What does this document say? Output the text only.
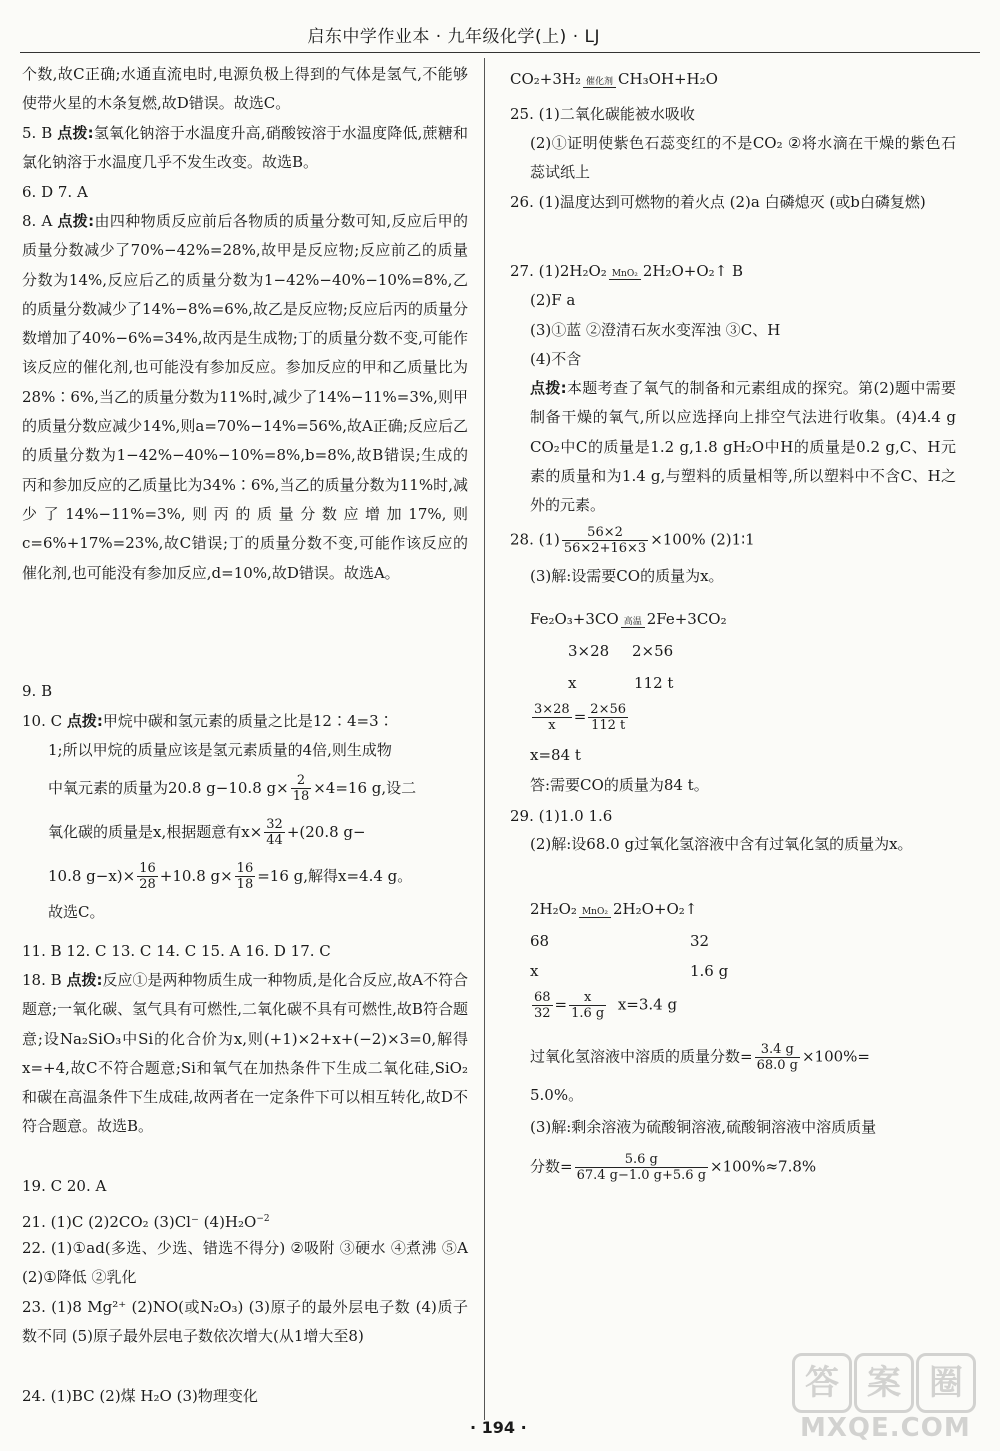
启东中学作业本 · 九年级化学(上) · LJ

个数,故C正确;水通直流电时,电源负极上得到的气体是氢气,不能够使带火星的木条复燃,故D错误。故选C。

5. B 点拨:氢氧化钠溶于水温度升高,硝酸铵溶于水温度降低,蔗糖和氯化钠溶于水温度几乎不发生改变。故选B。

6. D 7. A

8. A 点拨:由四种物质反应前后各物质的质量分数可知,反应后甲的质量分数减少了70%−42%=28%,故甲是反应物;反应前乙的质量分数为14%,反应后乙的质量分数为1−42%−40%−10%=8%,乙的质量分数减少了14%−8%=6%,故乙是反应物;反应后丙的质量分数增加了40%−6%=34%,故丙是生成物;丁的质量分数不变,可能作该反应的催化剂,也可能没有参加反应。参加反应的甲和乙质量比为28%∶6%,当乙的质量分数为11%时,减少了14%−11%=3%,则甲的质量分数应减少14%,则a=70%−14%=56%,故A正确;反应后乙的质量分数为1−42%−40%−10%=8%,b=8%,故B错误;生成的丙和参加反应的乙质量比为34%∶6%,当乙的质量分数为11%时,减少了14%−11%=3%,则丙的质量分数应增加17%,则c=6%+17%=23%,故C错误;丁的质量分数不变,可能作该反应的催化剂,也可能没有参加反应,d=10%,故D错误。故选A。

9. B

10. C 点拨:甲烷中碳和氢元素的质量之比是12∶4=3∶
1;所以甲烷的质量应该是氢元素质量的4倍,则生成物
中氧元素的质量为20.8 g−10.8 $g\times \frac{2}{18} \times 4=16$ g,设二
氧化碳的质量是x,根据题意有$x\times \frac{32}{44} +(20.8$ g−
10.8 $g-x)\times \frac{16}{28} +10.8$ $g\times \frac{16}{18} =16$ g,解得x=4.4 g。
故选C。

11. B 12. C 13. C 14. C 15. A 16. D 17. C

18. B 点拨:反应①是两种物质生成一种物质,是化合反应,故A不符合题意;一氧化碳、氢气具有可燃性,二氧化碳不具有可燃性,故B符合题意;设Na₂SiO₃中Si的化合价为x,则(+1)×2+x+(−2)×3=0,解得x=+4,故C不符合题意;Si和氧气在加热条件下生成二氧化硅,SiO₂和碳在高温条件下生成硅,故两者在一定条件下可以相互转化,故D不符合题意。故选B。

19. C 20. A

21. (1)C (2)2CO₂ (3)Cl⁻ $(4)H_2O^{-2}$

22. (1)①ad(多选、少选、错选不得分) ②吸附 ③硬水 ④煮沸 ⑤A (2)①降低 ②乳化

23. (1)8 Mg²⁺ (2)NO(或N₂O₃) (3)原子的最外层电子数 (4)质子数不同 (5)原子最外层电子数依次增大(从1增大至8)

24. (1)BC (2)煤 H₂O (3)物理变化

CO₂+3H₂ 催化剂 CH₃OH+H₂O

25. (1)二氧化碳能被水吸收

(2)①证明使紫色石蕊变红的不是CO₂ ②将水滴在干燥的紫色石蕊试纸上

26. (1)温度达到可燃物的着火点 (2)a 白磷熄灭 (或b白磷复燃)

27. (1)2H₂O₂ MnO₂ 2H₂O+O₂↑ B

(2)F a

(3)①蓝 ②澄清石灰水变浑浊 ③C、H

(4)不含

点拨:本题考查了氧气的制备和元素组成的探究。第(2)题中需要制备干燥的氧气,所以应选择向上排空气法进行收集。(4)4.4 g CO₂中C的质量是1.2 g,1.8 gH₂O中H的质量是0.2 g,C、H元素的质量和为1.4 g,与塑料的质量相等,所以塑料中不含C、H之外的元素。

28. $(1) \frac{56\times 2}{56\times 2+16\times 3} \times 100\%$ (2)1∶1
(3)解:设需要CO的质量为x。
Fe₂O₃+3CO 高温 2Fe+3CO₂
3×28 2×56
x	112 t
$\frac{3\times 28}{x} = \frac{2\times 56}{112 t}$
x=84 t
答:需要CO的质量为84 t。
29. (1)1.0 1.6

(2)解:设68.0 g过氧化氢溶液中含有过氧化氢的质量为x。

2H₂O₂ MnO₂ 2H₂O+O₂↑
68	32
x	1.6 g
$\frac{68}{32} = \frac{x}{1.6 g} x=3.4$ g
过氧化氢溶液中溶质的质量分数= $\frac{3.4 g}{68.0 g} \times 100\%=$
5.0%。
(3)解:剩余溶液为硫酸铜溶液,硫酸铜溶液中溶质质量
分数= $\frac{5.6 g}{67.4 g-1.0 g+5.6 g} \times 100\%\approx 7.8\%$
· 194 ·
答 案 圈
MXQE.COM
